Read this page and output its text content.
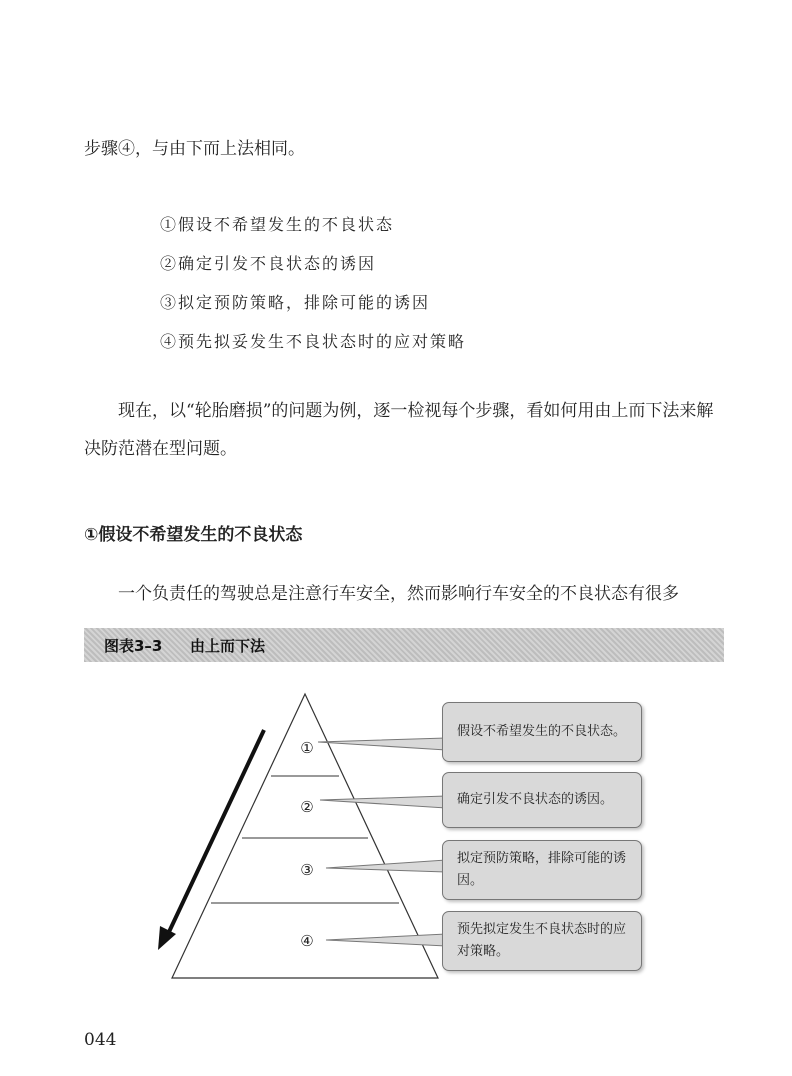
步骤④，与由下而上法相同。

①假设不希望发生的不良状态
②确定引发不良状态的诱因
③拟定预防策略，排除可能的诱因
④预先拟妥发生不良状态时的应对策略

现在，以“轮胎磨损”的问题为例，逐一检视每个步骤，看如何用由上而下法来解决防范潜在型问题。

①假设不希望发生的不良状态

一个负责任的驾驶总是注意行车安全，然而影响行车安全的不良状态有很多

图表3–3 由上而下法
①
②
③
④
假设不希望发生的不良状态。
确定引发不良状态的诱因。
拟定预防策略，排除可能的诱因。
预先拟定发生不良状态时的应对策略。

044
